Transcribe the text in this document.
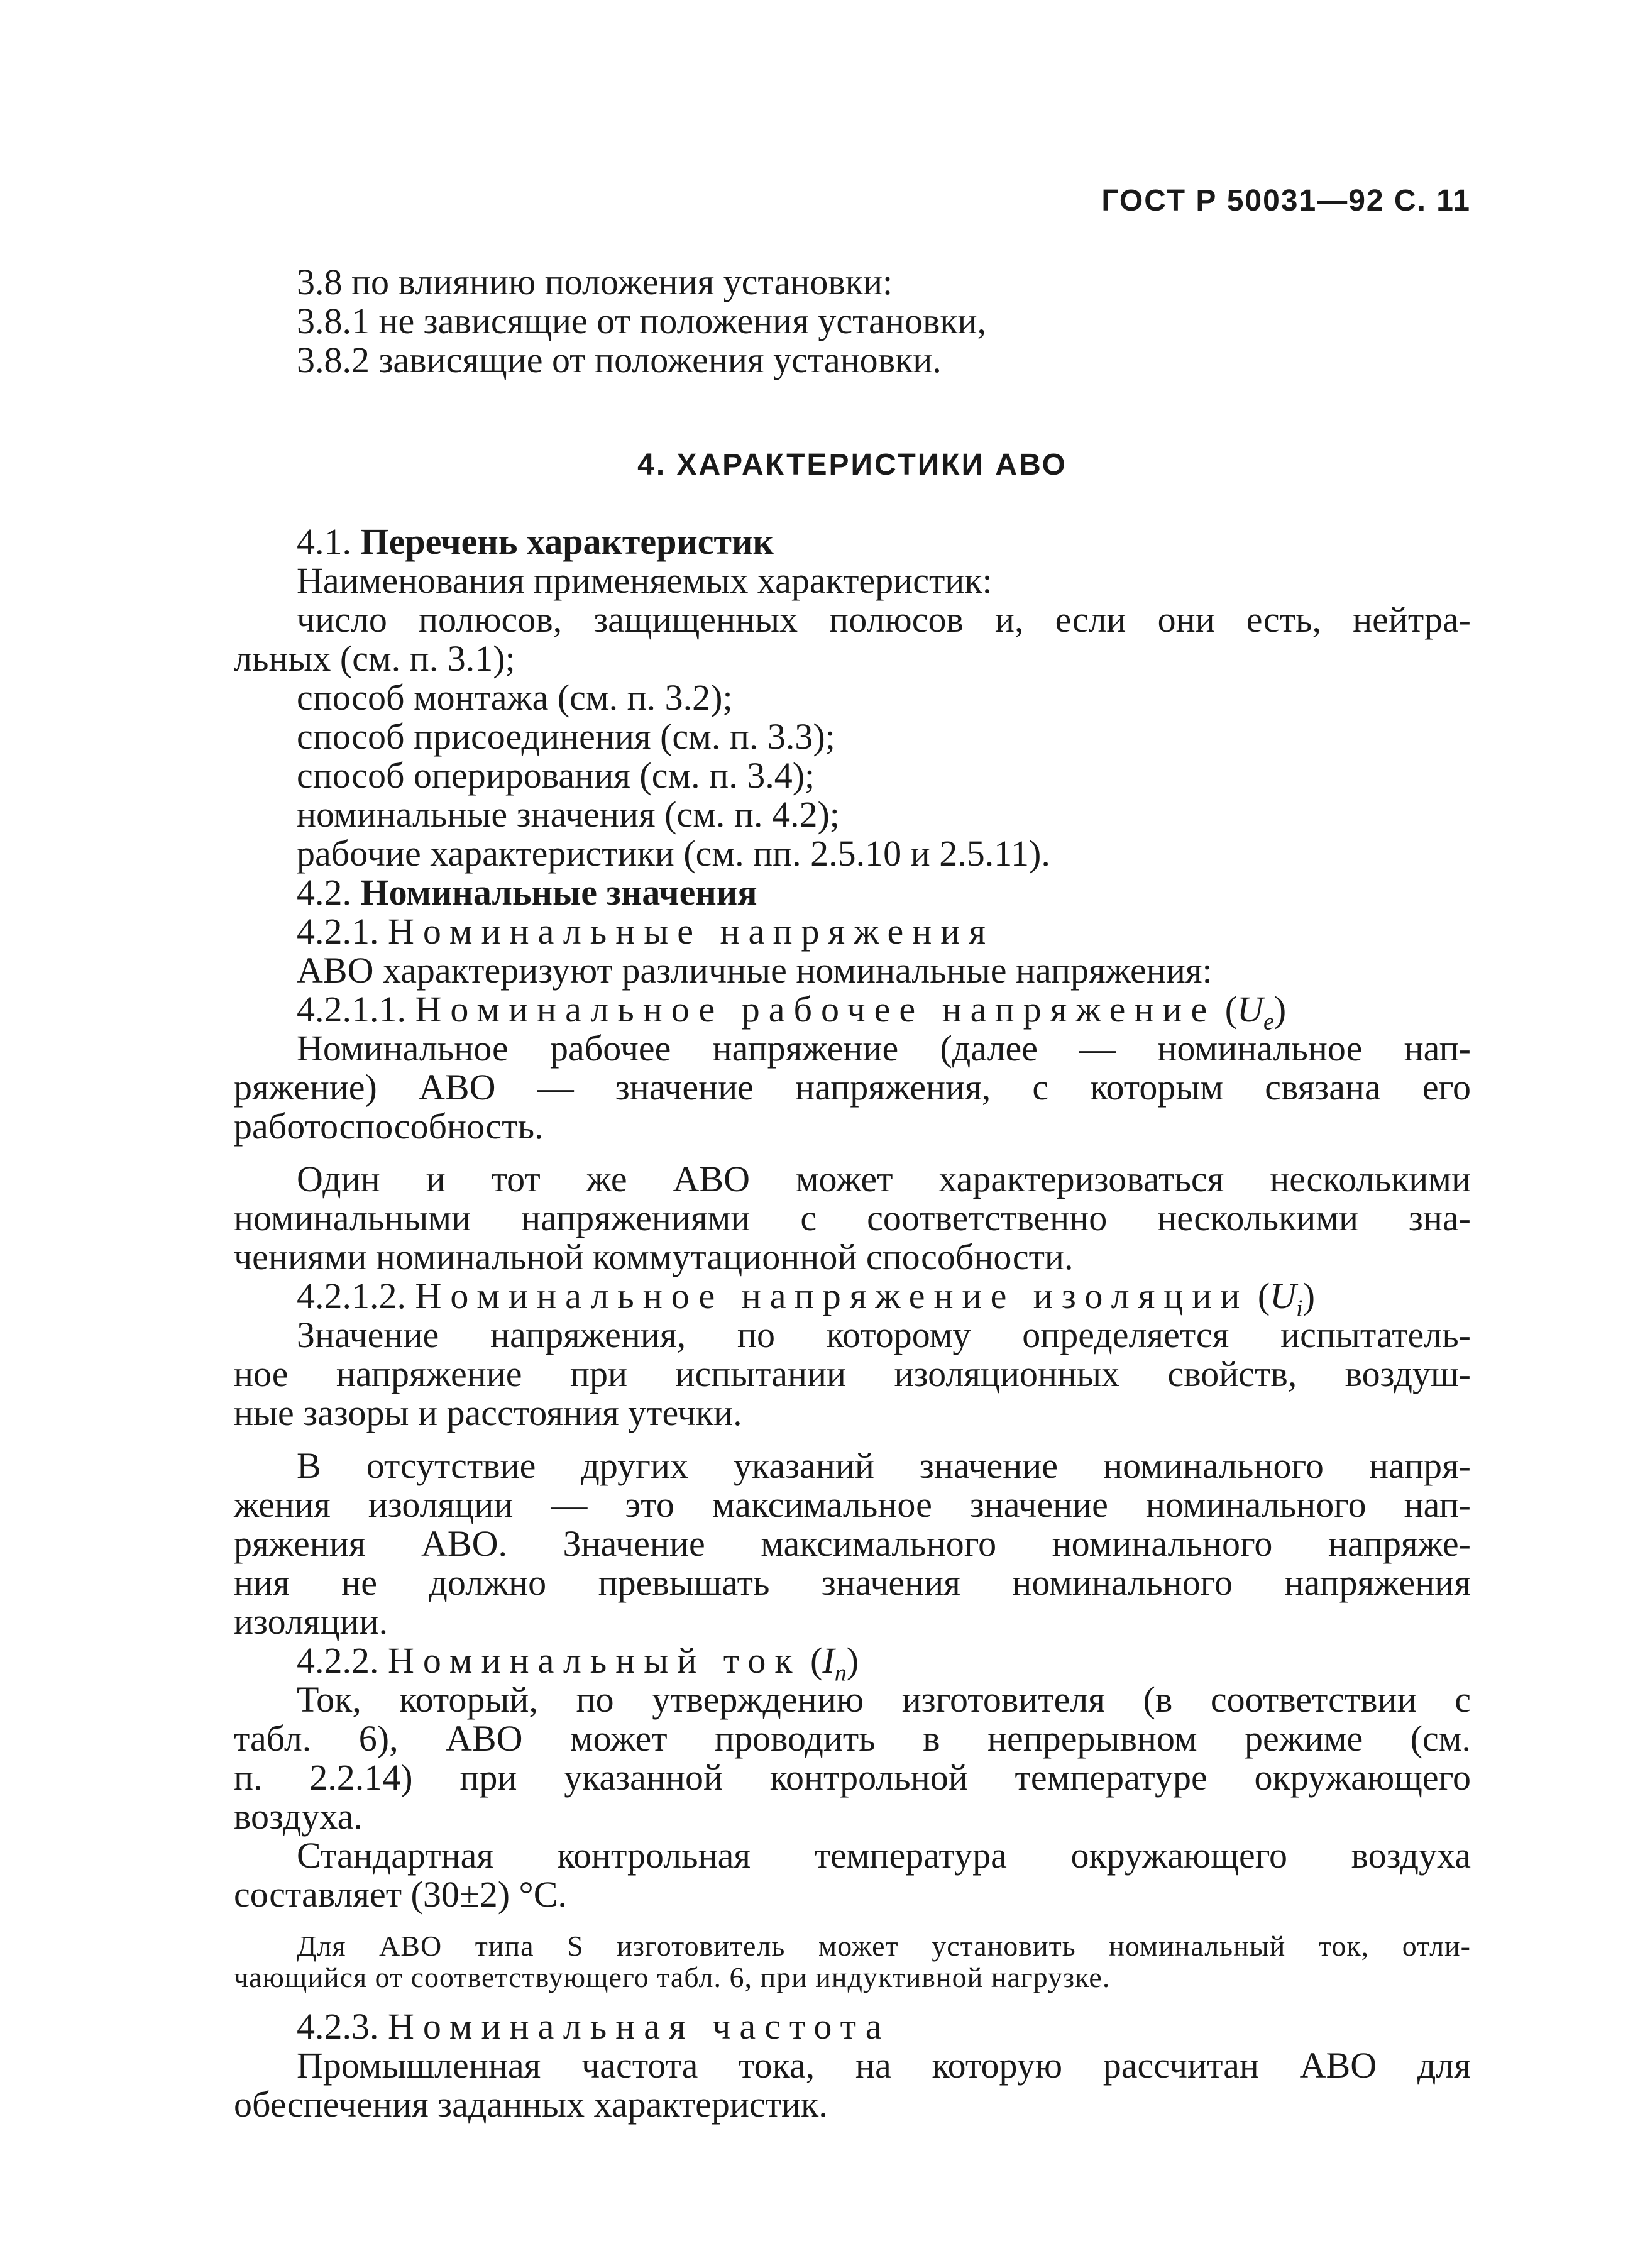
ГОСТ Р 50031—92 С. 11
3.8 по влиянию положения установки:
3.8.1 не зависящие от положения установки,
3.8.2 зависящие от положения установки.
4. ХАРАКТЕРИСТИКИ АВО
4.1. Перечень характеристик
Наименования применяемых характеристик:
число полюсов, защищенных полюсов и, если они есть, нейтра-
льных (см. п. 3.1);
способ монтажа (см. п. 3.2);
способ присоединения (см. п. 3.3);
способ оперирования (см. п. 3.4);
номинальные значения (см. п. 4.2);
рабочие характеристики (см. пп. 2.5.10 и 2.5.11).
4.2. Номинальные значения
4.2.1. Номинальные напряжения
АВО характеризуют различные номинальные напряжения:
4.2.1.1. Номинальное рабочее напряжение $(U_e)$
Номинальное рабочее напряжение (далее — номинальное нап-
ряжение) АВО — значение напряжения, с которым связана его
работоспособность.
Один и тот же АВО может характеризоваться несколькими
номинальными напряжениями с соответственно несколькими зна-
чениями номинальной коммутационной способности.
4.2.1.2. Номинальное напряжение изоляции $(U_i)$
Значение напряжения, по которому определяется испытатель-
ное напряжение при испытании изоляционных свойств, воздуш-
ные зазоры и расстояния утечки.
В отсутствие других указаний значение номинального напря-
жения изоляции — это максимальное значение номинального нап-
ряжения АВО. Значение максимального номинального напряже-
ния не должно превышать значения номинального напряжения
изоляции.
4.2.2. Номинальный ток $(I_n)$
Ток, который, по утверждению изготовителя (в соответствии с
табл. 6), АВО может проводить в непрерывном режиме (см.
п. 2.2.14) при указанной контрольной температуре окружающего
воздуха.
Стандартная контрольная температура окружающего воздуха
составляет (30±2) °С.
Для АВО типа S изготовитель может установить номинальный ток, отли-
чающийся от соответствующего табл. 6, при индуктивной нагрузке.
4.2.3. Номинальная частота
Промышленная частота тока, на которую рассчитан АВО для
обеспечения заданных характеристик.
